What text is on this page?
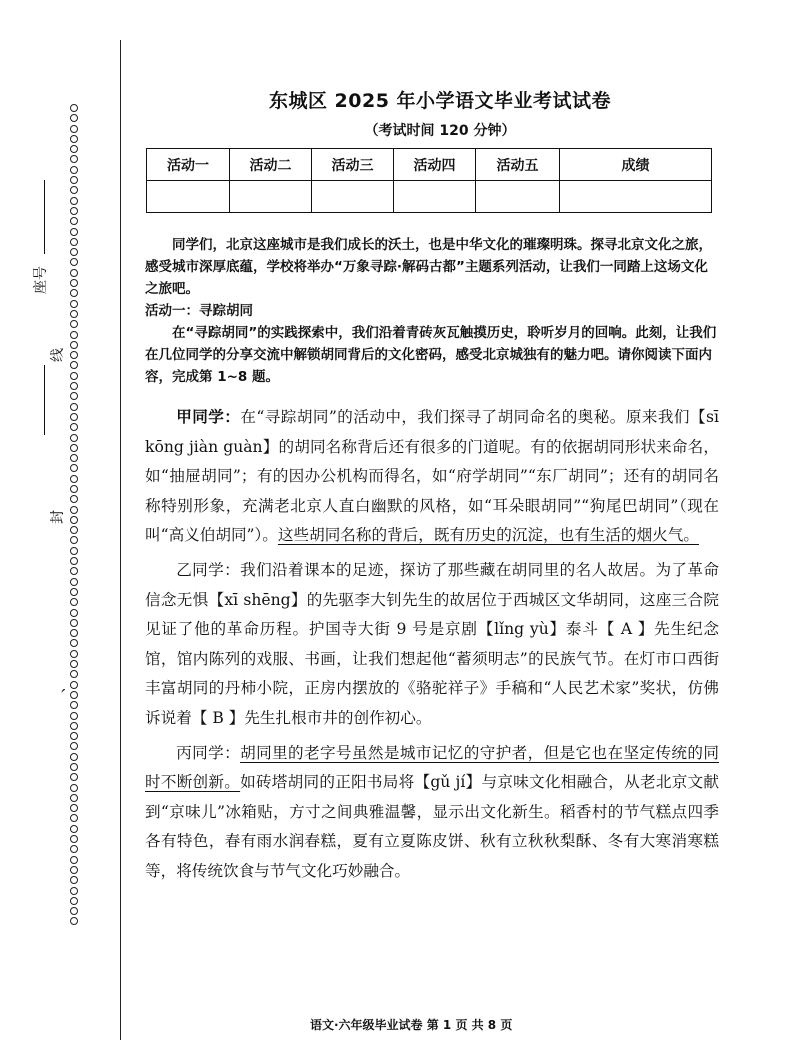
座号
线
封
、
东城区 2025 年小学语文毕业考试试卷
（考试时间 120 分钟）
活动一	活动二	活动三	活动四	活动五	成绩

同学们，北京这座城市是我们成长的沃土，也是中华文化的璀璨明珠。探寻北京文化之旅，感受城市深厚底蕴，学校将举办“万象寻踪·解码古都”主题系列活动，让我们一同踏上这场文化之旅吧。

活动一：寻踪胡同

在“寻踪胡同”的实践探索中，我们沿着青砖灰瓦触摸历史，聆听岁月的回响。此刻，让我们在几位同学的分享交流中解锁胡同背后的文化密码，感受北京城独有的魅力吧。请你阅读下面内容，完成第 1~8 题。

甲同学：在“寻踪胡同”的活动中，我们探寻了胡同命名的奥秘。原来我们【sī kōng jiàn guàn】的胡同名称背后还有很多的门道呢。有的依据胡同形状来命名，如“抽屉胡同”；有的因办公机构而得名，如“府学胡同”“东厂胡同”；还有的胡同名称特别形象，充满老北京人直白幽默的风格，如“耳朵眼胡同”“狗尾巴胡同”（现在叫“高义伯胡同”）。这些胡同名称的背后，既有历史的沉淀，也有生活的烟火气。

乙同学：我们沿着课本的足迹，探访了那些藏在胡同里的名人故居。为了革命信念无惧【xī shēng】的先驱李大钊先生的故居位于西城区文华胡同，这座三合院见证了他的革命历程。护国寺大街 9 号是京剧【lǐng yù】泰斗【 A 】先生纪念馆，馆内陈列的戏服、书画，让我们想起他“蓄须明志”的民族气节。在灯市口西街丰富胡同的丹柿小院，正房内摆放的《骆驼祥子》手稿和“人民艺术家”奖状，仿佛诉说着【 B 】先生扎根市井的创作初心。

丙同学：胡同里的老字号虽然是城市记忆的守护者，但是它也在坚定传统的同时不断创新。如砖塔胡同的正阳书局将【gǔ jí】与京味文化相融合，从老北京文献到“京味儿”冰箱贴，方寸之间典雅温馨，显示出文化新生。稻香村的节气糕点四季各有特色，春有雨水润春糕，夏有立夏陈皮饼、秋有立秋秋梨酥、冬有大寒消寒糕等，将传统饮食与节气文化巧妙融合。

语文·六年级毕业试卷 第 1 页 共 8 页
